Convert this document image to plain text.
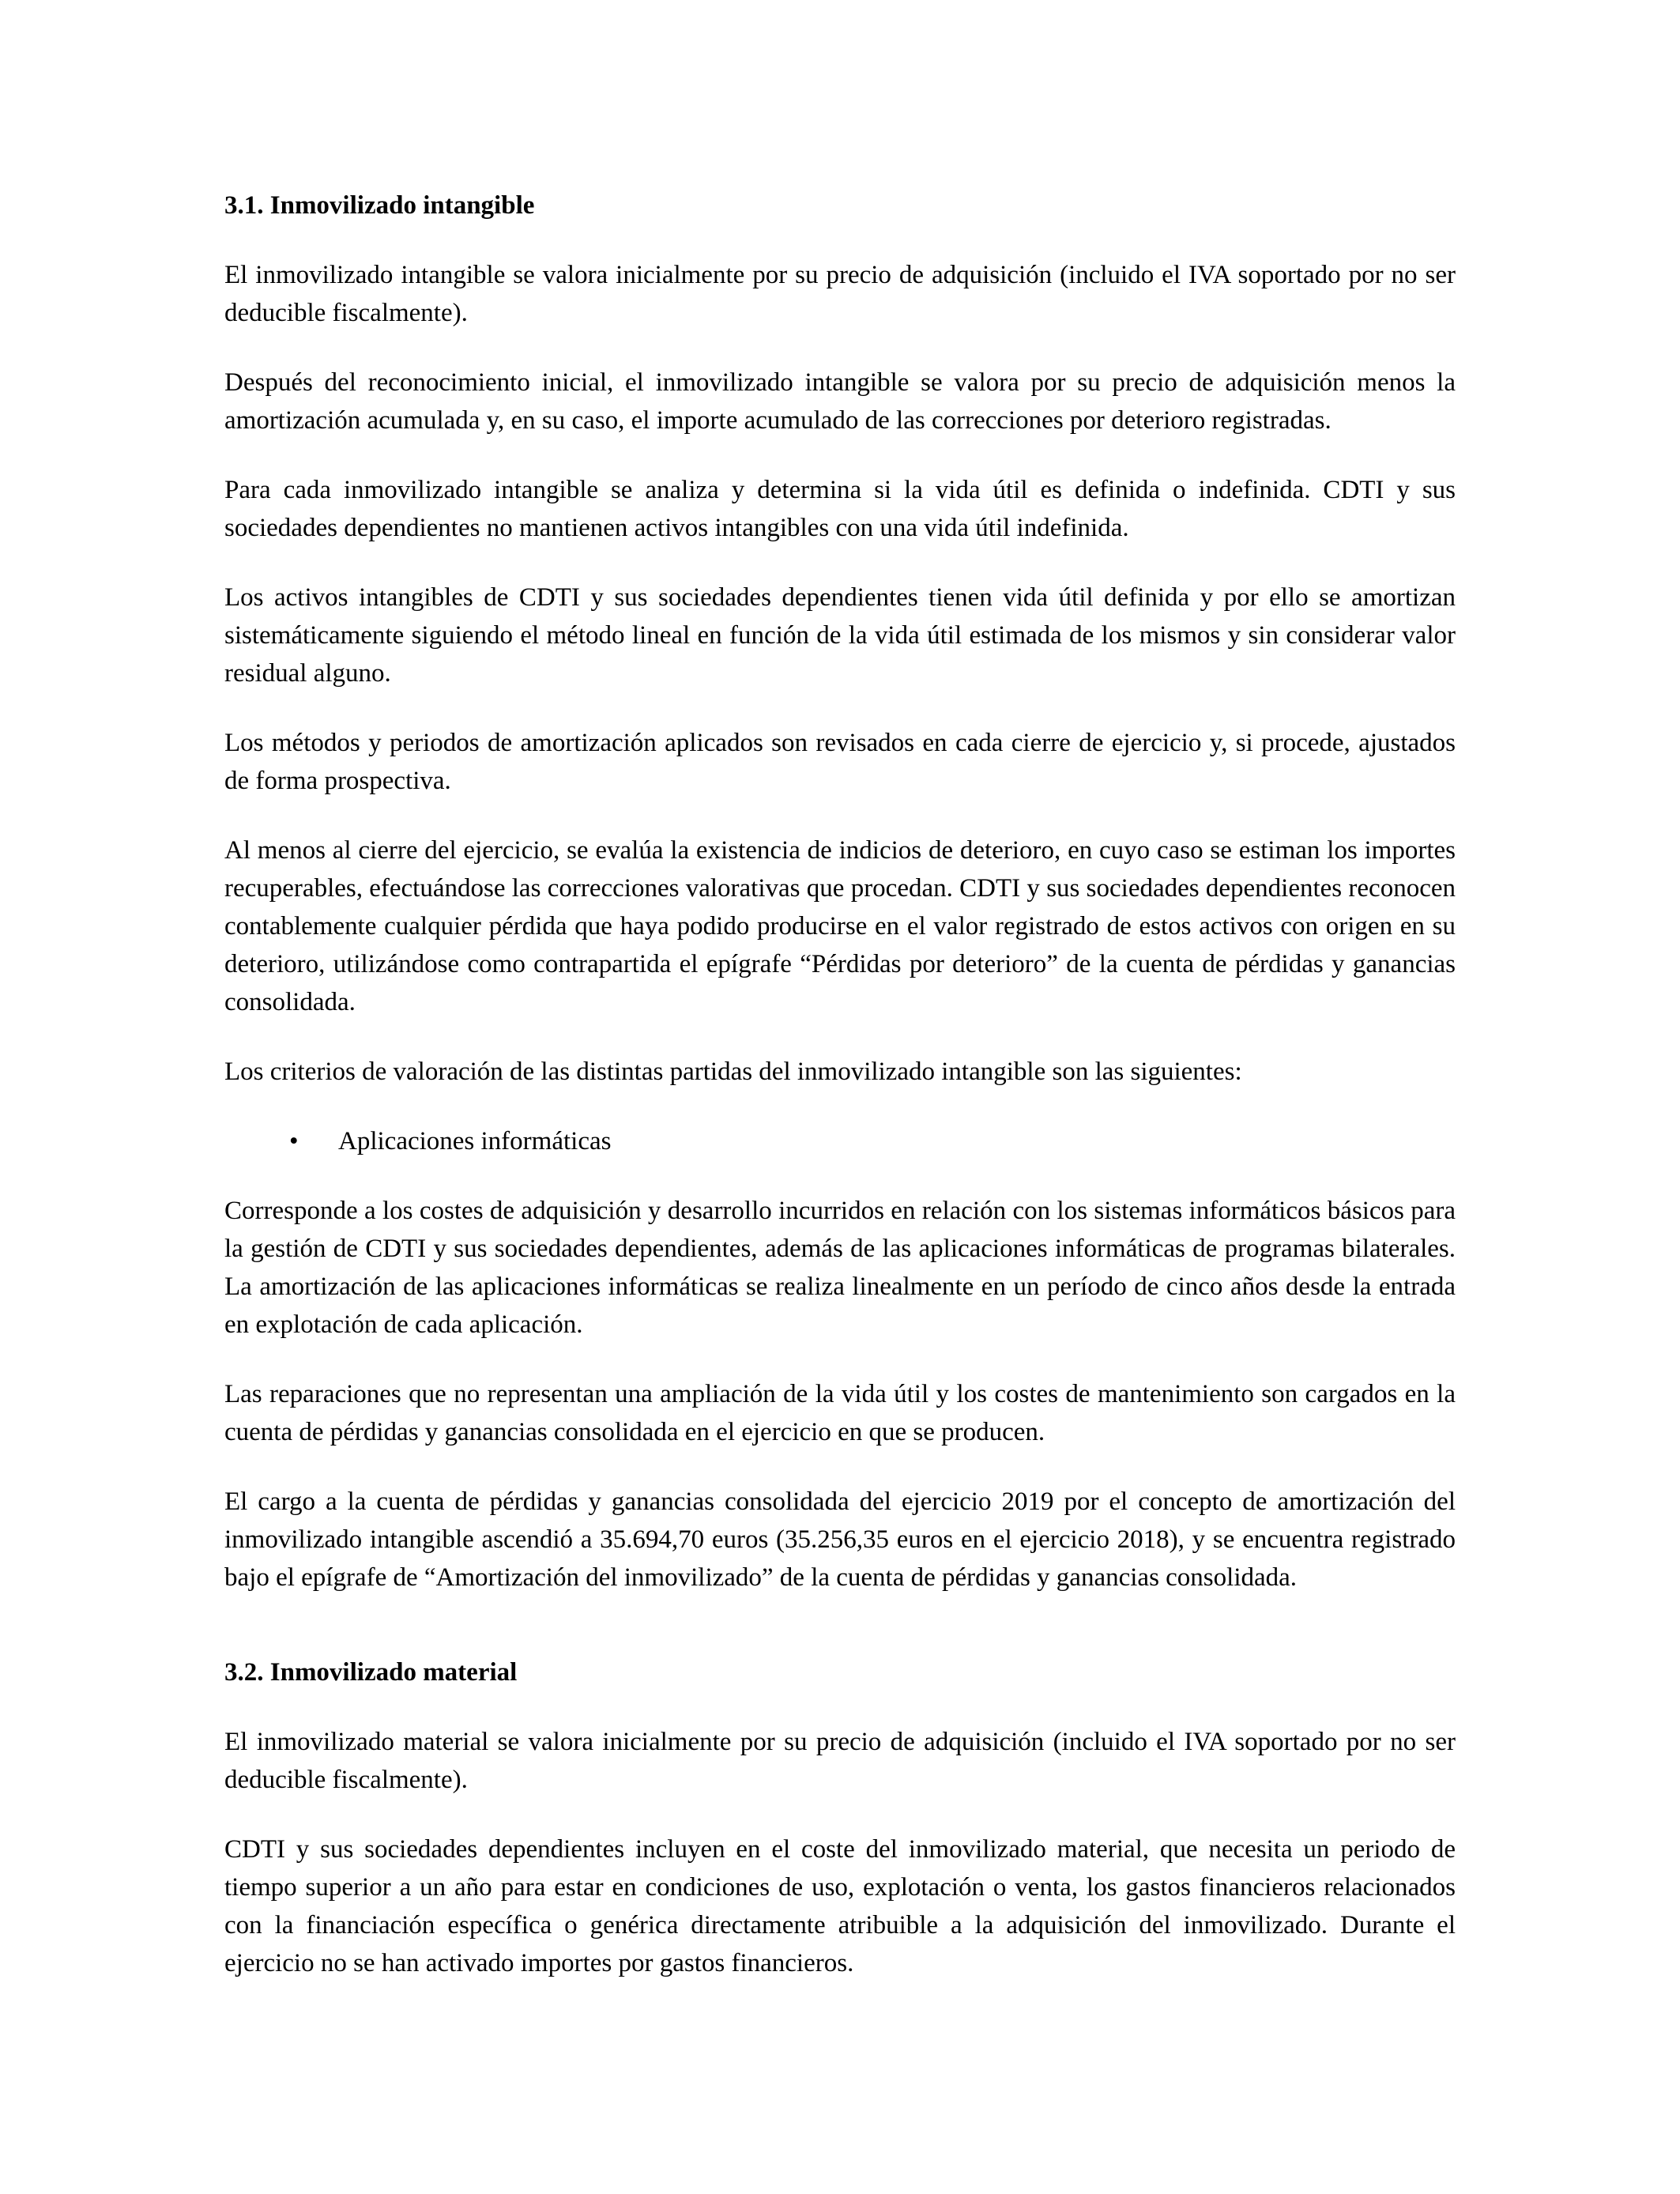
3.1. Inmovilizado intangible

El inmovilizado intangible se valora inicialmente por su precio de adquisición (incluido el IVA soportado por no ser deducible fiscalmente).

Después del reconocimiento inicial, el inmovilizado intangible se valora por su precio de adquisición menos la amortización acumulada y, en su caso, el importe acumulado de las correcciones por deterioro registradas.

Para cada inmovilizado intangible se analiza y determina si la vida útil es definida o indefinida. CDTI y sus sociedades dependientes no mantienen activos intangibles con una vida útil indefinida.

Los activos intangibles de CDTI y sus sociedades dependientes tienen vida útil definida y por ello se amortizan sistemáticamente siguiendo el método lineal en función de la vida útil estimada de los mismos y sin considerar valor residual alguno.

Los métodos y periodos de amortización aplicados son revisados en cada cierre de ejercicio y, si procede, ajustados de forma prospectiva.

Al menos al cierre del ejercicio, se evalúa la existencia de indicios de deterioro, en cuyo caso se estiman los importes recuperables, efectuándose las correcciones valorativas que procedan. CDTI y sus sociedades dependientes reconocen contablemente cualquier pérdida que haya podido producirse en el valor registrado de estos activos con origen en su deterioro, utilizándose como contrapartida el epígrafe “Pérdidas por deterioro” de la cuenta de pérdidas y ganancias consolidada.

Los criterios de valoración de las distintas partidas del inmovilizado intangible son las siguientes:

•	Aplicaciones informáticas

Corresponde a los costes de adquisición y desarrollo incurridos en relación con los sistemas informáticos básicos para la gestión de CDTI y sus sociedades dependientes, además de las aplicaciones informáticas de programas bilaterales. La amortización de las aplicaciones informáticas se realiza linealmente en un período de cinco años desde la entrada en explotación de cada aplicación.

Las reparaciones que no representan una ampliación de la vida útil y los costes de mantenimiento son cargados en la cuenta de pérdidas y ganancias consolidada en el ejercicio en que se producen.

El cargo a la cuenta de pérdidas y ganancias consolidada del ejercicio 2019 por el concepto de amortización del inmovilizado intangible ascendió a 35.694,70 euros (35.256,35 euros en el ejercicio 2018), y se encuentra registrado bajo el epígrafe de “Amortización del inmovilizado” de la cuenta de pérdidas y ganancias consolidada.

3.2. Inmovilizado material

El inmovilizado material se valora inicialmente por su precio de adquisición (incluido el IVA soportado por no ser deducible fiscalmente).

CDTI y sus sociedades dependientes incluyen en el coste del inmovilizado material, que necesita un periodo de tiempo superior a un año para estar en condiciones de uso, explotación o venta, los gastos financieros relacionados con la financiación específica o genérica directamente atribuible a la adquisición del inmovilizado. Durante el ejercicio no se han activado importes por gastos financieros.
